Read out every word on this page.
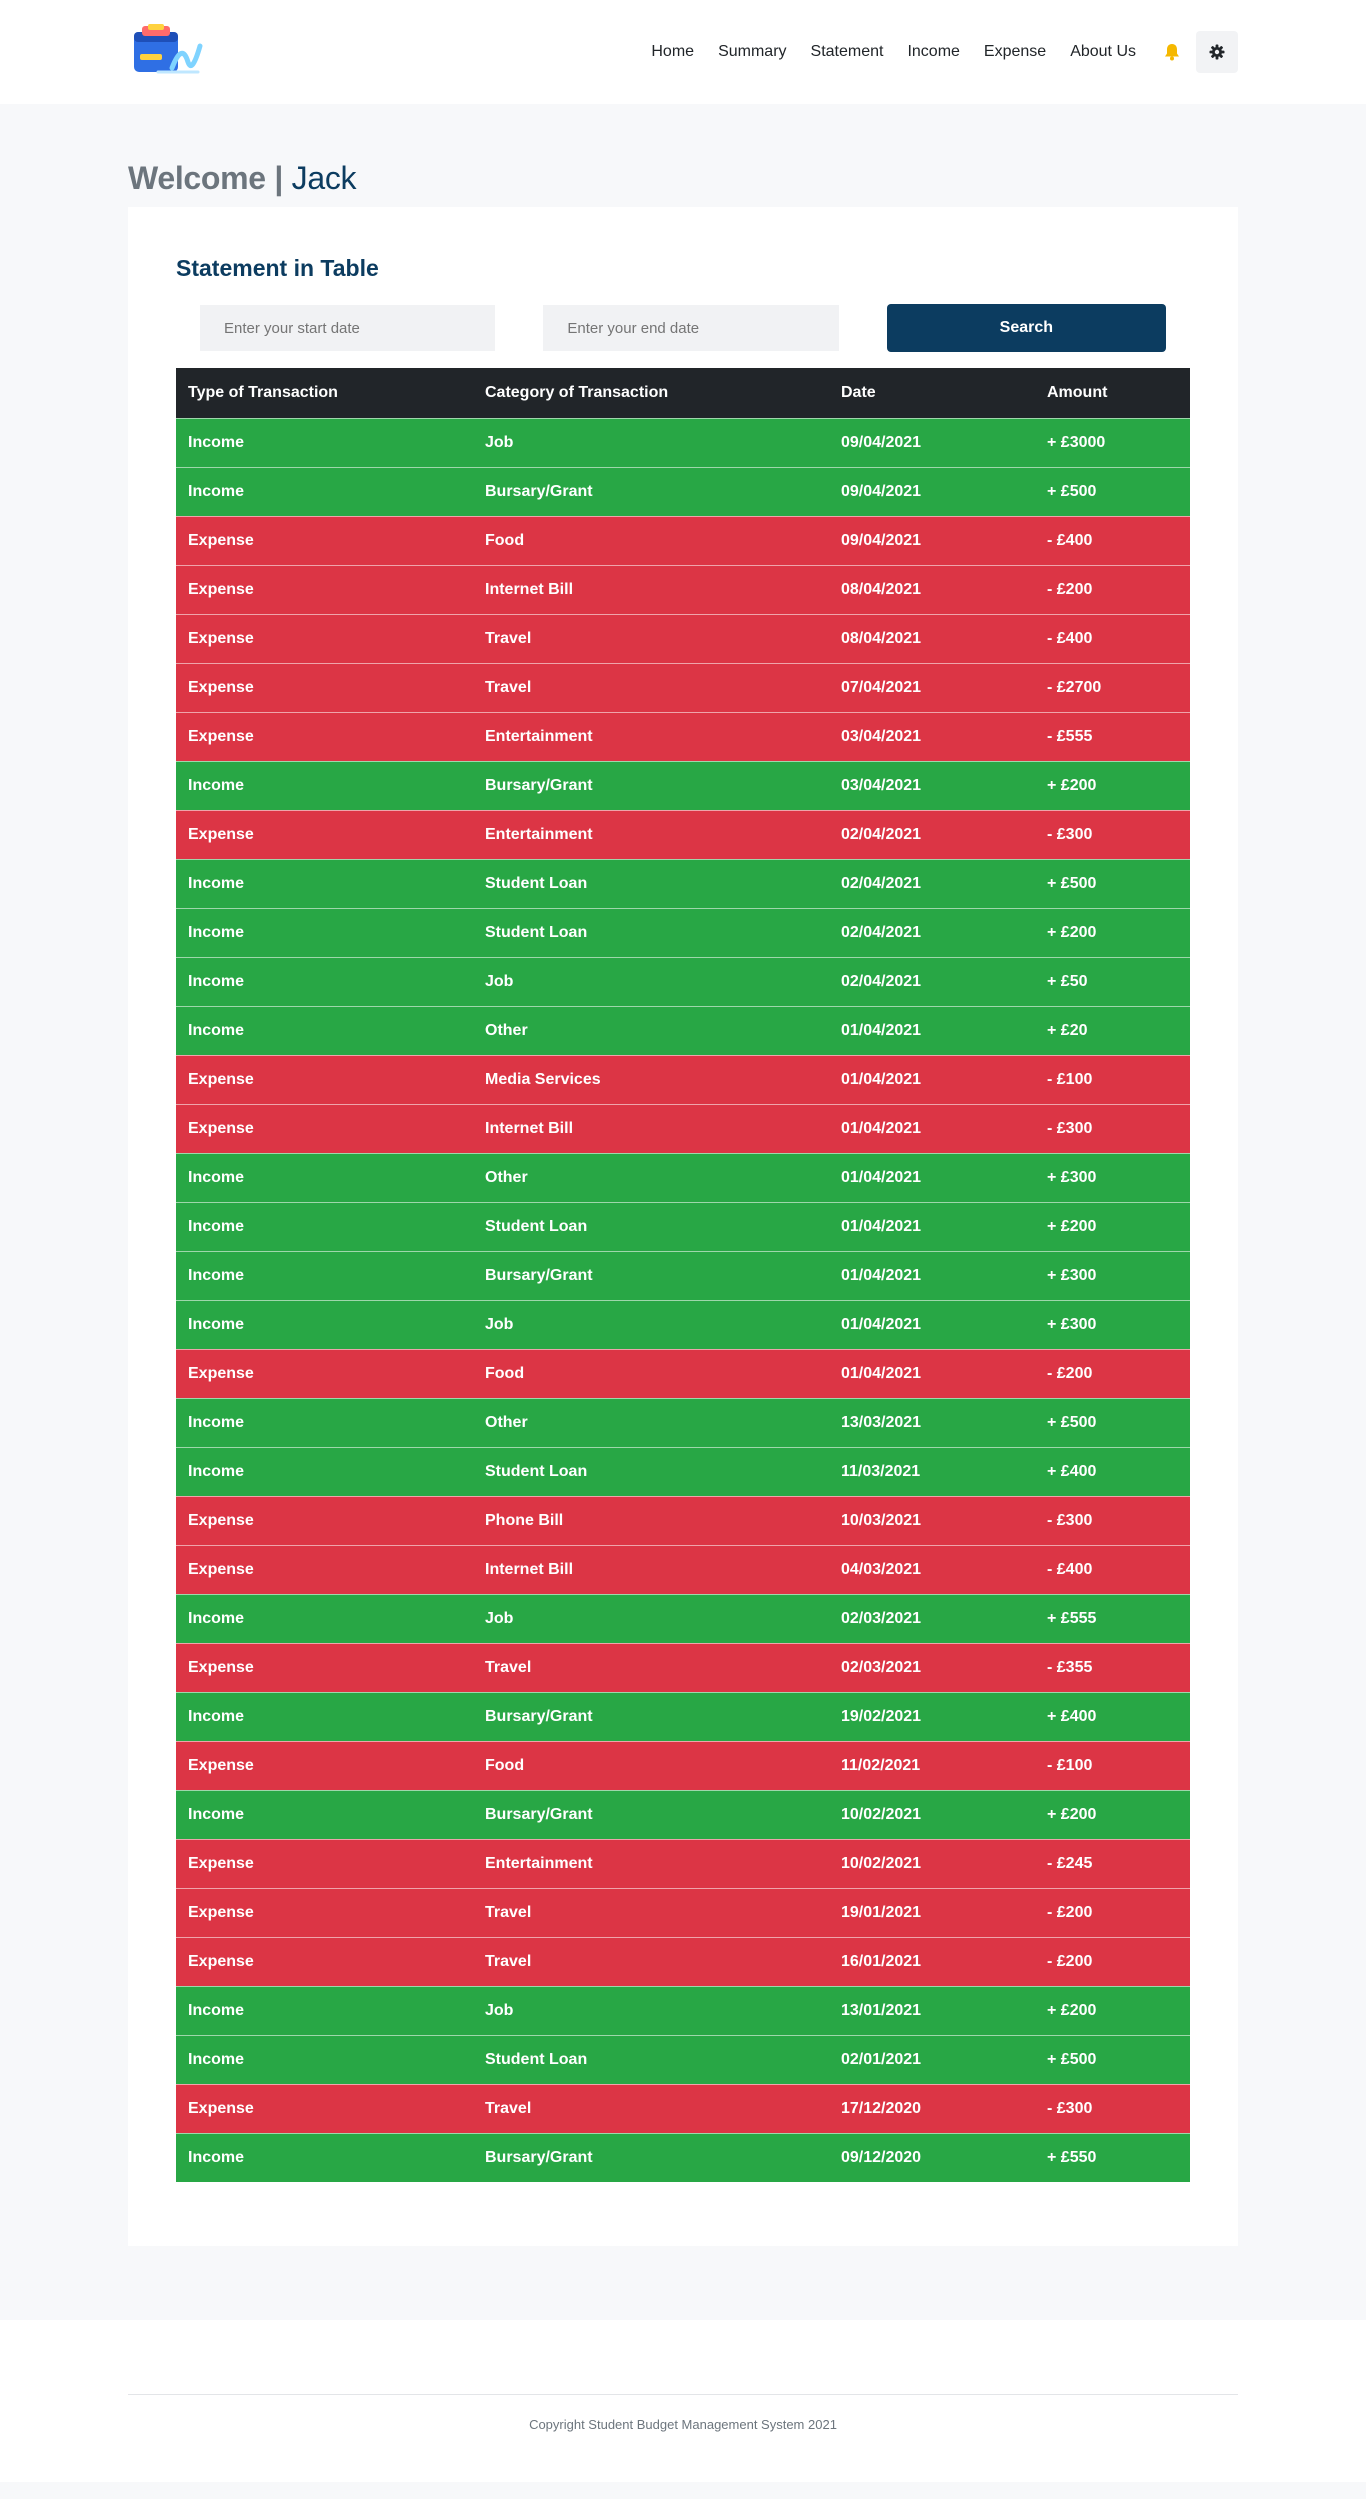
Home Summary Statement Income Expense About Us
Welcome | Jack
Statement in Table
Enter your start date
Enter your end date
Search
Type of Transaction	Category of Transaction	Date	Amount
Income	Job	09/04/2021	+ £3000
Income	Bursary/Grant	09/04/2021	+ £500
Expense	Food	09/04/2021	- £400
Expense	Internet Bill	08/04/2021	- £200
Expense	Travel	08/04/2021	- £400
Expense	Travel	07/04/2021	- £2700
Expense	Entertainment	03/04/2021	- £555
Income	Bursary/Grant	03/04/2021	+ £200
Expense	Entertainment	02/04/2021	- £300
Income	Student Loan	02/04/2021	+ £500
Income	Student Loan	02/04/2021	+ £200
Income	Job	02/04/2021	+ £50
Income	Other	01/04/2021	+ £20
Expense	Media Services	01/04/2021	- £100
Expense	Internet Bill	01/04/2021	- £300
Income	Other	01/04/2021	+ £300
Income	Student Loan	01/04/2021	+ £200
Income	Bursary/Grant	01/04/2021	+ £300
Income	Job	01/04/2021	+ £300
Expense	Food	01/04/2021	- £200
Income	Other	13/03/2021	+ £500
Income	Student Loan	11/03/2021	+ £400
Expense	Phone Bill	10/03/2021	- £300
Expense	Internet Bill	04/03/2021	- £400
Income	Job	02/03/2021	+ £555
Expense	Travel	02/03/2021	- £355
Income	Bursary/Grant	19/02/2021	+ £400
Expense	Food	11/02/2021	- £100
Income	Bursary/Grant	10/02/2021	+ £200
Expense	Entertainment	10/02/2021	- £245
Expense	Travel	19/01/2021	- £200
Expense	Travel	16/01/2021	- £200
Income	Job	13/01/2021	+ £200
Income	Student Loan	02/01/2021	+ £500
Expense	Travel	17/12/2020	- £300
Income	Bursary/Grant	09/12/2020	+ £550

Copyright Student Budget Management System 2021
